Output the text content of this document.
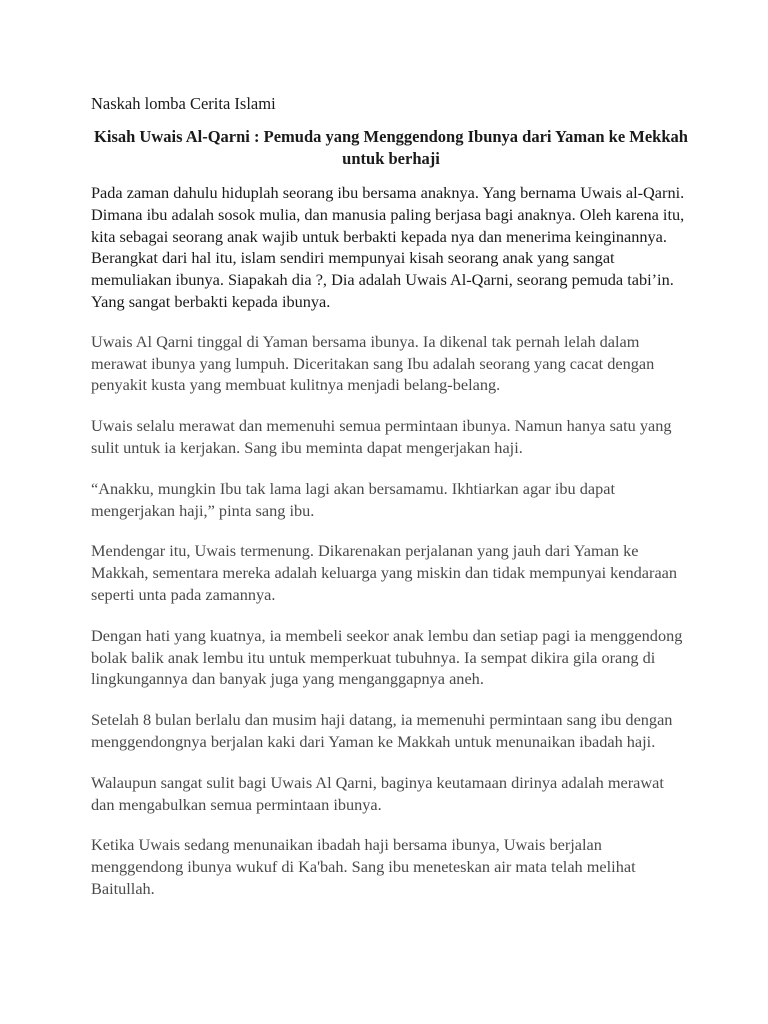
Naskah lomba Cerita Islami
Kisah Uwais Al-Qarni : Pemuda yang Menggendong Ibunya dari Yaman ke Mekkah untuk berhaji

Pada zaman dahulu hiduplah seorang ibu bersama anaknya. Yang bernama Uwais al-Qarni. Dimana ibu adalah sosok mulia, dan manusia paling berjasa bagi anaknya. Oleh karena itu, kita sebagai seorang anak wajib untuk berbakti kepada nya dan menerima keinginannya. Berangkat dari hal itu, islam sendiri mempunyai kisah seorang anak yang sangat memuliakan ibunya. Siapakah dia ?, Dia adalah Uwais Al-Qarni, seorang pemuda tabi’in. Yang sangat berbakti kepada ibunya.

Uwais Al Qarni tinggal di Yaman bersama ibunya. Ia dikenal tak pernah lelah dalam merawat ibunya yang lumpuh. Diceritakan sang Ibu adalah seorang yang cacat dengan penyakit kusta yang membuat kulitnya menjadi belang-belang.

Uwais selalu merawat dan memenuhi semua permintaan ibunya. Namun hanya satu yang sulit untuk ia kerjakan. Sang ibu meminta dapat mengerjakan haji.

“Anakku, mungkin Ibu tak lama lagi akan bersamamu. Ikhtiarkan agar ibu dapat mengerjakan haji,” pinta sang ibu.

Mendengar itu, Uwais termenung. Dikarenakan perjalanan yang jauh dari Yaman ke Makkah, sementara mereka adalah keluarga yang miskin dan tidak mempunyai kendaraan seperti unta pada zamannya.

Dengan hati yang kuatnya, ia membeli seekor anak lembu dan setiap pagi ia menggendong bolak balik anak lembu itu untuk memperkuat tubuhnya. Ia sempat dikira gila orang di lingkungannya dan banyak juga yang menganggapnya aneh.

Setelah 8 bulan berlalu dan musim haji datang, ia memenuhi permintaan sang ibu dengan menggendongnya berjalan kaki dari Yaman ke Makkah untuk menunaikan ibadah haji.

Walaupun sangat sulit bagi Uwais Al Qarni, baginya keutamaan dirinya adalah merawat dan mengabulkan semua permintaan ibunya.

Ketika Uwais sedang menunaikan ibadah haji bersama ibunya, Uwais berjalan menggendong ibunya wukuf di Ka'bah. Sang ibu meneteskan air mata telah melihat Baitullah.
